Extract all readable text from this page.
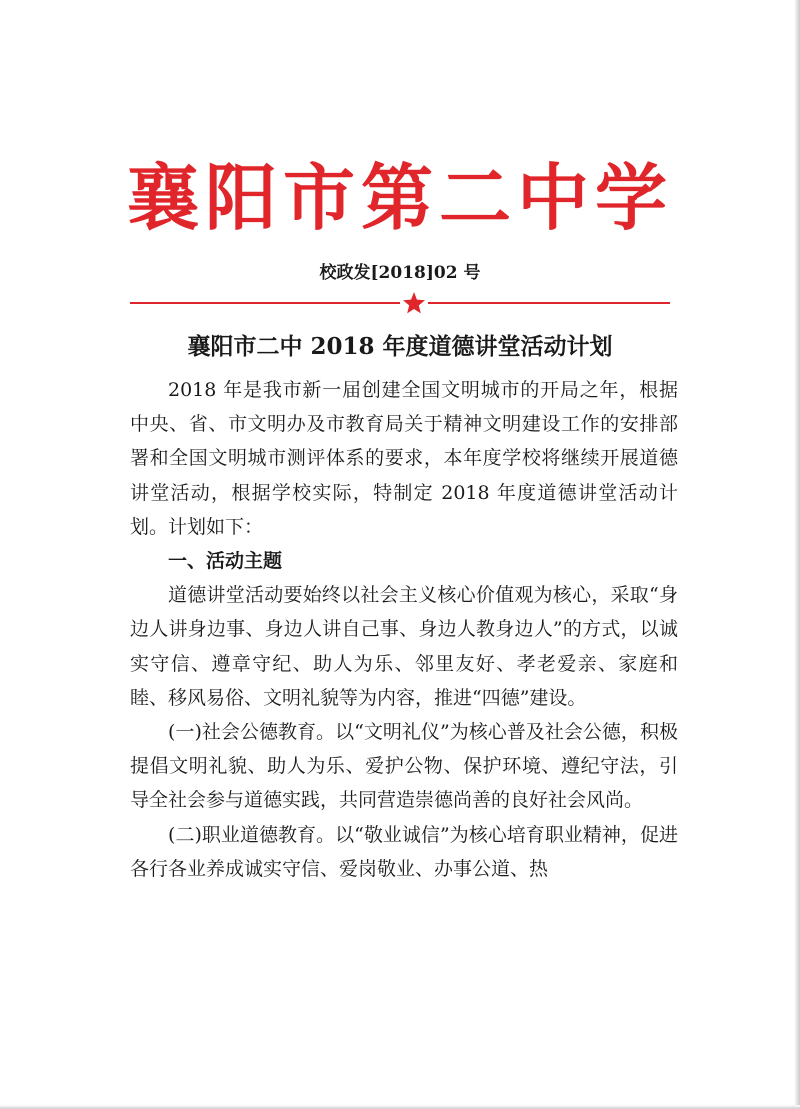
襄阳市第二中学
校政发[2018]02 号
襄阳市二中 2018 年度道德讲堂活动计划

2018 年是我市新一届创建全国文明城市的开局之年，根据中央、省、市文明办及市教育局关于精神文明建设工作的安排部署和全国文明城市测评体系的要求，本年度学校将继续开展道德讲堂活动，根据学校实际，特制定 2018 年度道德讲堂活动计划。计划如下：

一、活动主题

道德讲堂活动要始终以社会主义核心价值观为核心，采取“身边人讲身边事、身边人讲自己事、身边人教身边人”的方式，以诚实守信、遵章守纪、助人为乐、邻里友好、孝老爱亲、家庭和睦、移风易俗、文明礼貌等为内容，推进“四德”建设。

(一)社会公德教育。以“文明礼仪”为核心普及社会公德，积极提倡文明礼貌、助人为乐、爱护公物、保护环境、遵纪守法，引导全社会参与道德实践，共同营造崇德尚善的良好社会风尚。

(二)职业道德教育。以“敬业诚信”为核心培育职业精神，促进各行各业养成诚实守信、爱岗敬业、办事公道、热
